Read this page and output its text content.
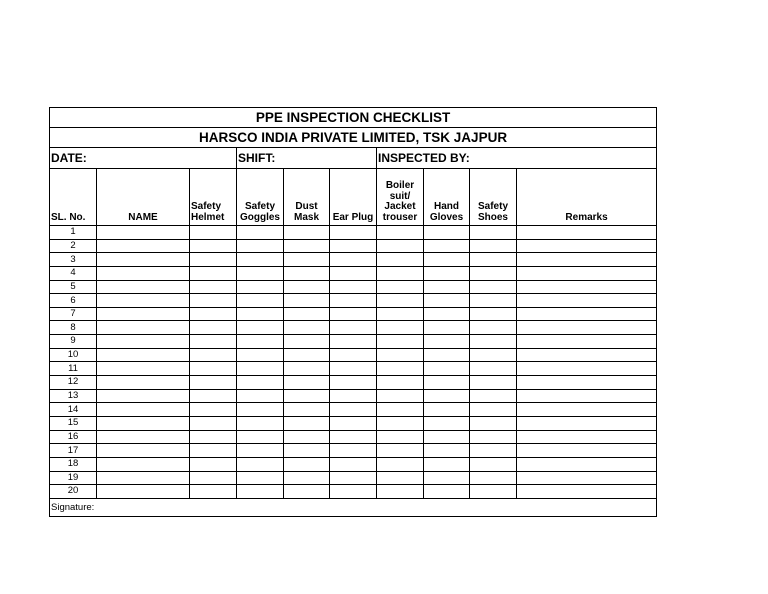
PPE INSPECTION CHECKLIST									
HARSCO INDIA PRIVATE LIMITED, TSK JAJPUR									
DATE:			SHIFT:			INSPECTED BY:			
SL. No.	NAME	Safety Helmet	Safety Goggles	Dust Mask	Ear Plug	Boiler suit/ Jacket trouser	Hand Gloves	Safety Shoes	Remarks
1									
2									
3									
4									
5									
6									
7									
8									
9									
10									
11									
12									
13									
14									
15									
16									
17									
18									
19									
20									
Signature:									
